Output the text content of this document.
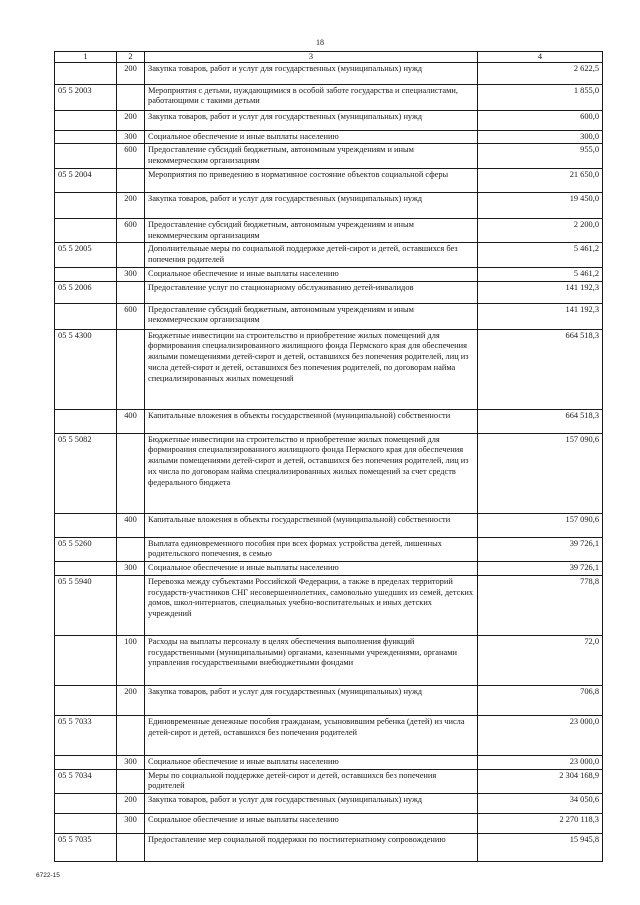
18
1	2	3	4
	200	Закупка товаров, работ и услуг для государственных (муниципальных) нужд	2 622,5
05 5 2003		Мероприятия с детьми, нуждающимися в особой заботе государства и специалистами, работающими с такими детьми	1 855,0
	200	Закупка товаров, работ и услуг для государственных (муниципальных) нужд	600,0
	300	Социальное обеспечение и иные выплаты населению	300,0
	600	Предоставление субсидий бюджетным, автономным учреждениям и иным некоммерческим организациям	955,0
05 5 2004		Мероприятия по приведению в нормативное состояние объектов социальной сферы	21 650,0
	200	Закупка товаров, работ и услуг для государственных (муниципальных) нужд	19 450,0
	600	Предоставление субсидий бюджетным, автономным учреждениям и иным некоммерческим организациям	2 200,0
05 5 2005		Дополнительные меры по социальной поддержке детей-сирот и детей, оставшихся без попечения родителей	5 461,2
	300	Социальное обеспечение и иные выплаты населению	5 461,2
05 5 2006		Предоставление услуг по стационарному обслуживанию детей-инвалидов	141 192,3
	600	Предоставление субсидий бюджетным, автономным учреждениям и иным некоммерческим организациям	141 192,3
05 5 4300		Бюджетные инвестиции на строительство и приобретение жилых помещений для формирования специализированного жилищного фонда Пермского края для обеспечения жилыми помещениями детей-сирот и детей, оставшихся без попечения родителей, лиц из числа детей-сирот и детей, оставшихся без попечения родителей, по договорам найма специализированных жилых помещений	664 518,3
	400	Капитальные вложения в объекты государственной (муниципальной) собственности	664 518,3
05 5 5082		Бюджетные инвестиции на строительство и приобретение жилых помещений для формироания специализированного жилищного фонда Пермского края для обеспечения жилыми помещениями детей-сирот и детей, оставшихся без попечения родителей, лиц из их числа по договорам найма специализированных жилых помещений за счет средств федерального бюджета	157 090,6
	400	Капитальные вложения в объекты государственной (муниципальной) собственности	157 090,6
05 5 5260		Выплата единовременного пособия при всех формах устройства детей, лишенных родительского попечения, в семью	39 726,1
	300	Социальное обеспечение и иные выплаты населению	39 726,1
05 5 5940		Перевозка между субъектами Российской Федерации, а также в пределах территорий государств-участников СНГ несовершеннолетних, самовольно ушедших из семей, детских домов, школ-интернатов, специальных учебно-воспитательных и иных детских учреждений	778,8
	100	Расходы на выплаты персоналу в целях обеспечения выполнения функций государственными (муниципальными) органами, казенными учреждениями, органами управления государственными внебюджетными фондами	72,0
	200	Закупка товаров, работ и услуг для государственных (муниципальных) нужд	706,8
05 5 7033		Единовременные денежные пособия гражданам, усыновившим ребенка (детей) из числа детей-сирот и детей, оставшихся без попечения родителей	23 000,0
	300	Социальное обеспечение и иные выплаты населению	23 000,0
05 5 7034		Меры по социальной поддержке детей-сирот и детей, оставшихся без попечения родителей	2 304 168,9
	200	Закупка товаров, работ и услуг для государственных (муниципальных) нужд	34 050,6
	300	Социальное обеспечение и иные выплаты населению	2 270 118,3
05 5 7035		Предоставление мер социальной поддержки по постинтернатному сопровождению	15 945,8
6722-15
